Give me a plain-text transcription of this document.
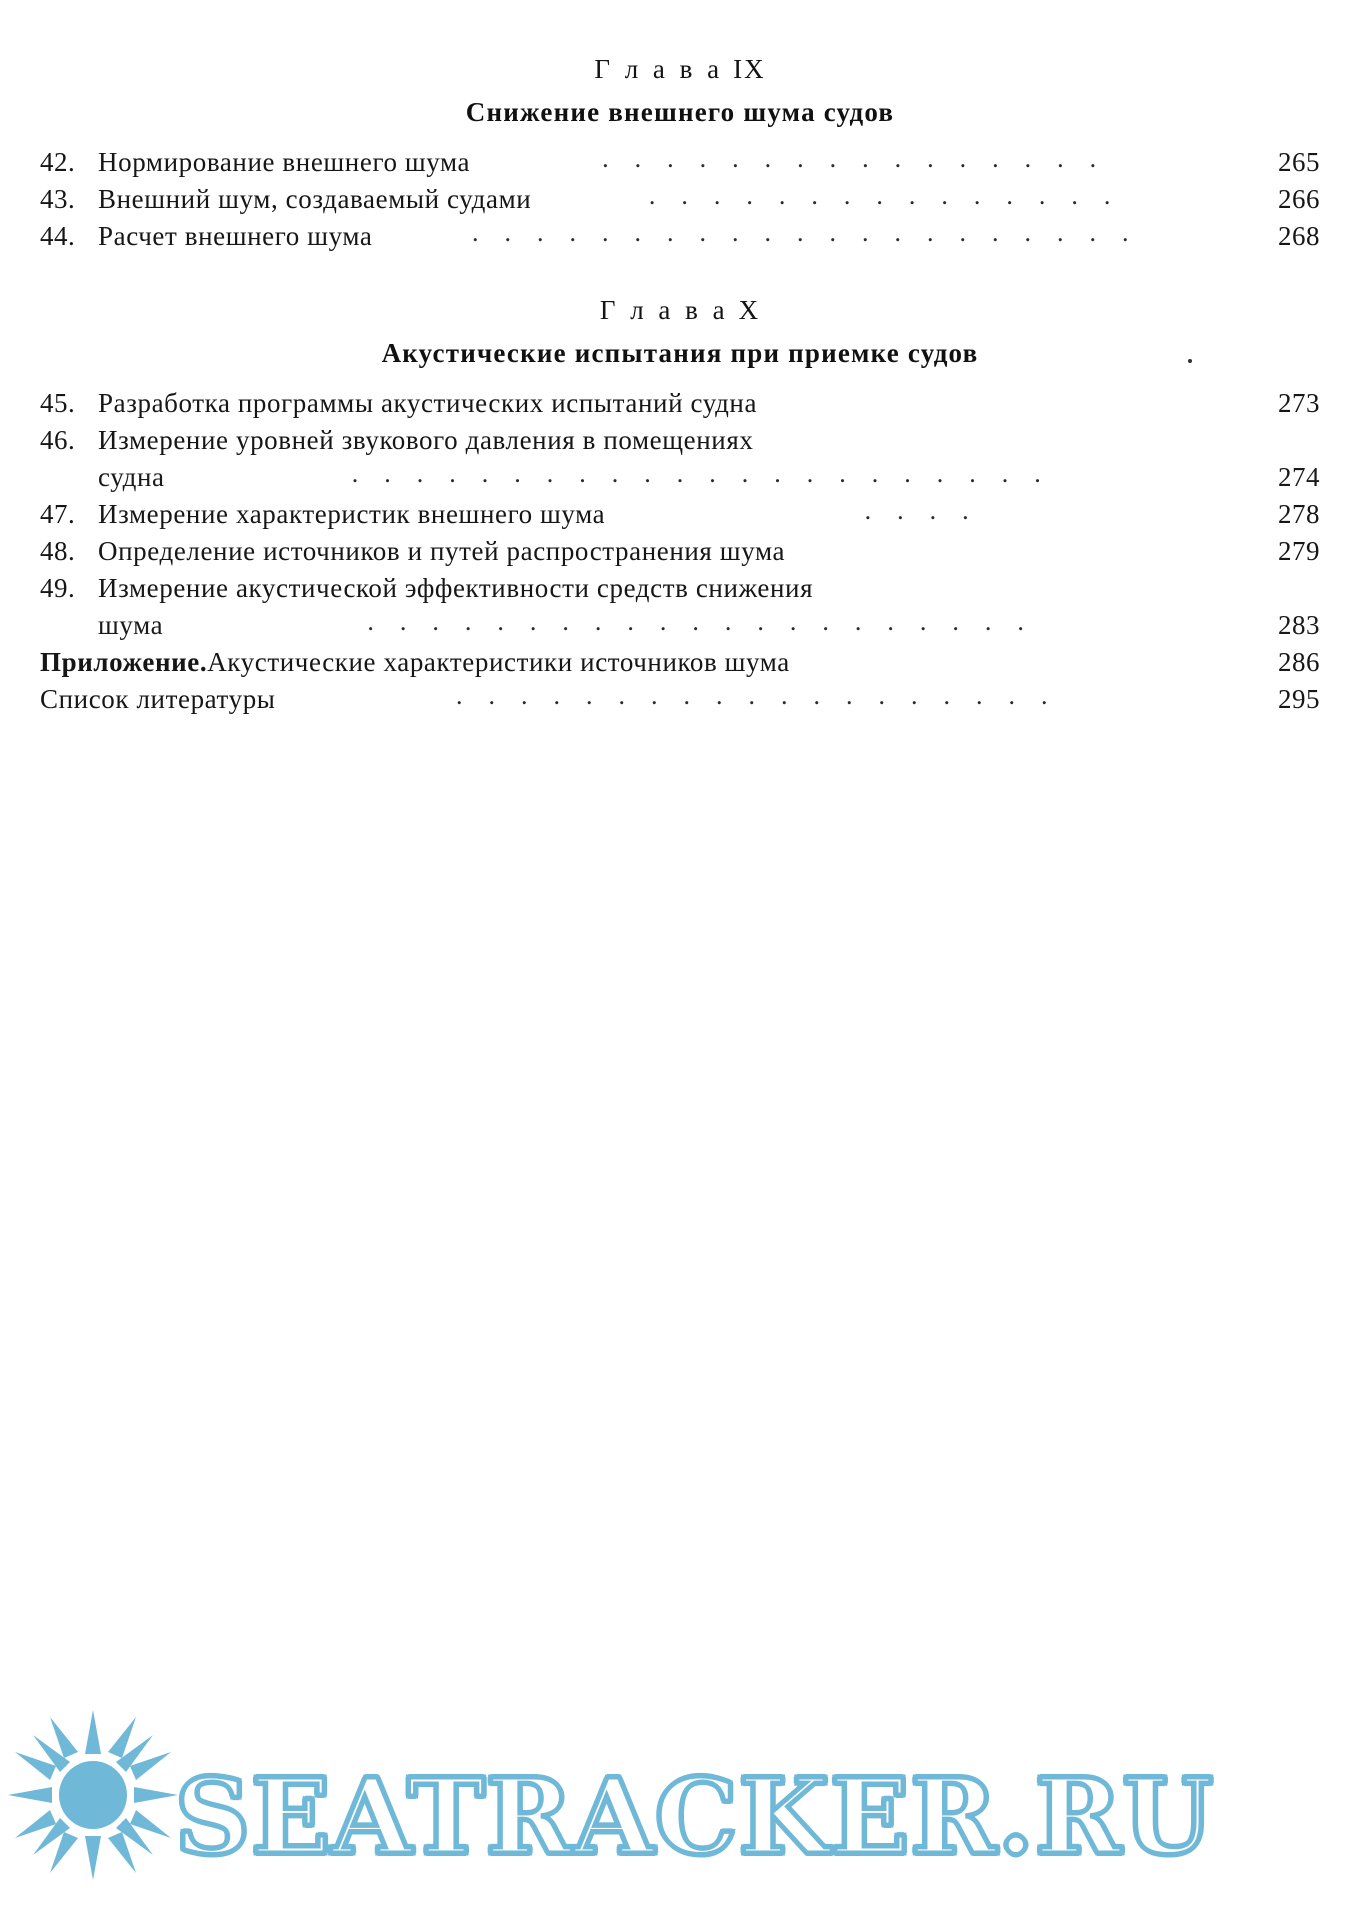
Г л а в а IX
Снижение внешнего шума судов
42. Нормирование внешнего шума	................	265
43. Внешний шум, создаваемый судами	...............	266
44. Расчет внешнего шума	.....................	268
Г л а в а X
Акустические испытания при приемке судов
45. Разработка программы акустических испытаний судна	273
46. Измерение уровней звукового давления в помещениях
судна	......................	274
47. Измерение характеристик внешнего шума	....	278
48. Определение источников и путей распространения шума	279
49. Измерение акустической эффективности средств снижения
шума	.....................	283
Приложение. Акустические характеристики источников шума	286
Список литературы	...................	295
SEATRACKER.RU
